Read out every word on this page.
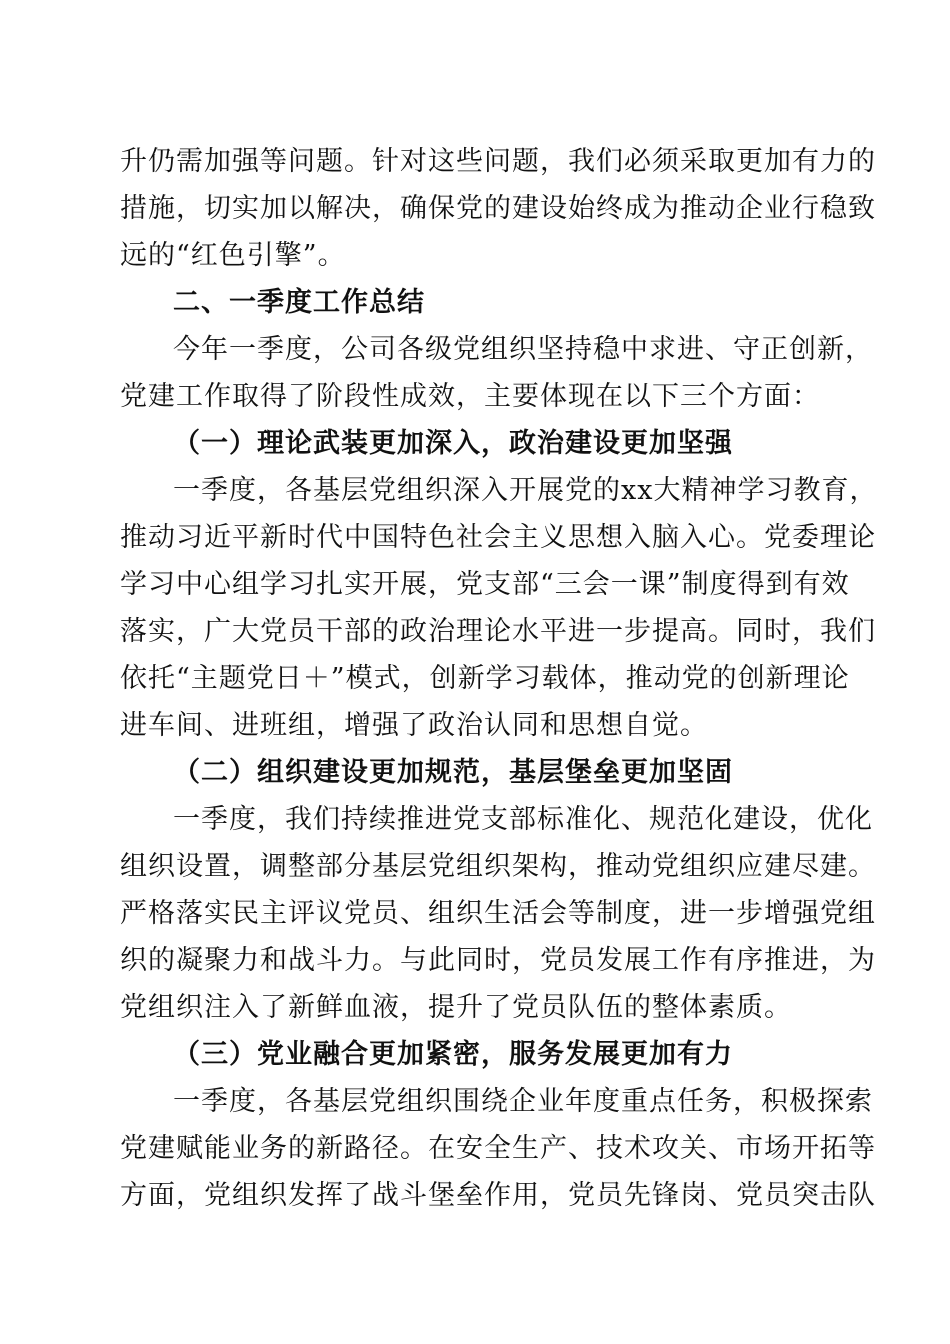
升仍需加强等问题。针对这些问题，我们必须采取更加有力的
措施，切实加以解决，确保党的建设始终成为推动企业行稳致
远的“红色引擎”。
二、一季度工作总结
今年一季度，公司各级党组织坚持稳中求进、守正创新，
党建工作取得了阶段性成效，主要体现在以下三个方面：
（一）理论武装更加深入，政治建设更加坚强
一季度，各基层党组织深入开展党的xx大精神学习教育，
推动习近平新时代中国特色社会主义思想入脑入心。党委理论
学习中心组学习扎实开展，党支部“三会一课”制度得到有效
落实，广大党员干部的政治理论水平进一步提高。同时，我们
依托“主题党日＋”模式，创新学习载体，推动党的创新理论
进车间、进班组，增强了政治认同和思想自觉。
（二）组织建设更加规范，基层堡垒更加坚固
一季度，我们持续推进党支部标准化、规范化建设，优化
组织设置，调整部分基层党组织架构，推动党组织应建尽建。
严格落实民主评议党员、组织生活会等制度，进一步增强党组
织的凝聚力和战斗力。与此同时，党员发展工作有序推进，为
党组织注入了新鲜血液，提升了党员队伍的整体素质。
（三）党业融合更加紧密，服务发展更加有力
一季度，各基层党组织围绕企业年度重点任务，积极探索
党建赋能业务的新路径。在安全生产、技术攻关、市场开拓等
方面，党组织发挥了战斗堡垒作用，党员先锋岗、党员突击队
